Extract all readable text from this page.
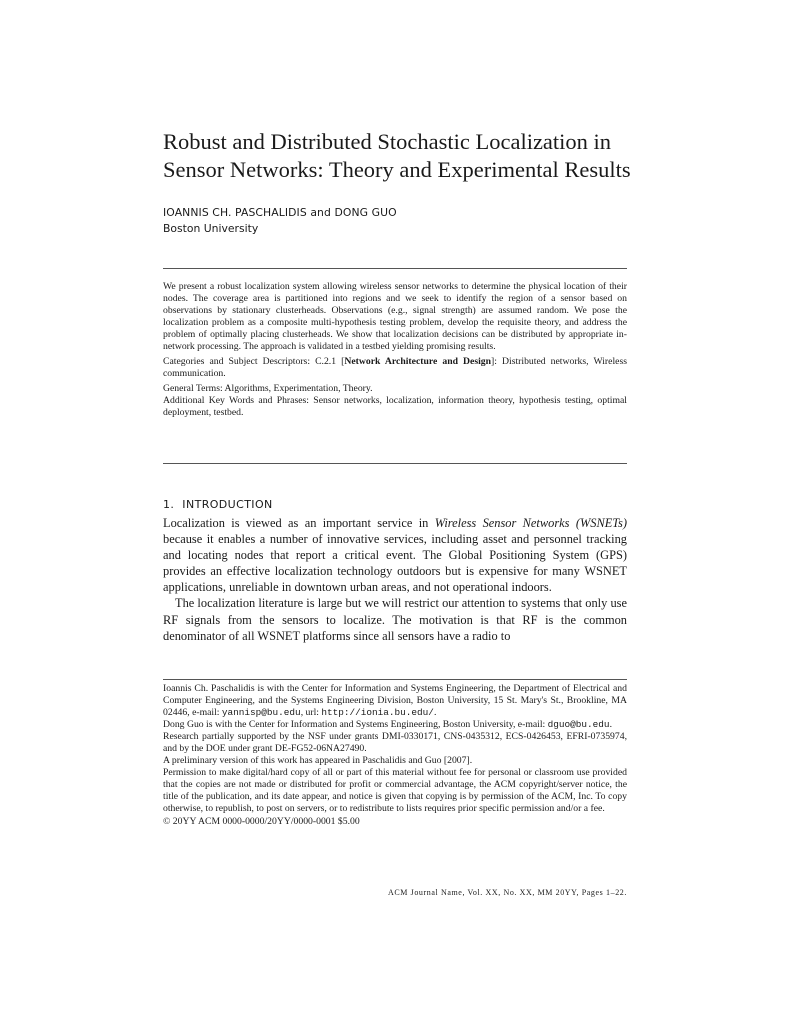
Robust and Distributed Stochastic Localization in
Sensor Networks: Theory and Experimental Results
IOANNIS CH. PASCHALIDIS and DONG GUO
Boston University

We present a robust localization system allowing wireless sensor networks to determine the physical location of their nodes. The coverage area is partitioned into regions and we seek to identify the region of a sensor based on observations by stationary clusterheads. Observations (e.g., signal strength) are assumed random. We pose the localization problem as a composite multi-hypothesis testing problem, develop the requisite theory, and address the problem of optimally placing clusterheads. We show that localization decisions can be distributed by appropriate in-network processing. The approach is validated in a testbed yielding promising results.

Categories and Subject Descriptors: C.2.1 [Network Architecture and Design]: Distributed networks, Wireless communication.

General Terms: Algorithms, Experimentation, Theory.

Additional Key Words and Phrases: Sensor networks, localization, information theory, hypothesis testing, optimal deployment, testbed.

1. INTRODUCTION

Localization is viewed as an important service in Wireless Sensor Networks (WSNETs) because it enables a number of innovative services, including asset and personnel tracking and locating nodes that report a critical event. The Global Positioning System (GPS) provides an effective localization technology outdoors but is expensive for many WSNET applications, unreliable in downtown urban areas, and not operational indoors.

The localization literature is large but we will restrict our attention to systems that only use RF signals from the sensors to localize. The motivation is that RF is the common denominator of all WSNET platforms since all sensors have a radio to

Ioannis Ch. Paschalidis is with the Center for Information and Systems Engineering, the Department of Electrical and Computer Engineering, and the Systems Engineering Division, Boston University, 15 St. Mary's St., Brookline, MA 02446, e-mail: yannisp@bu.edu, url: http://ionia.bu.edu/.

Dong Guo is with the Center for Information and Systems Engineering, Boston University, e-mail: dguo@bu.edu.

Research partially supported by the NSF under grants DMI-0330171, CNS-0435312, ECS-0426453, EFRI-0735974, and by the DOE under grant DE-FG52-06NA27490.

A preliminary version of this work has appeared in Paschalidis and Guo [2007].

Permission to make digital/hard copy of all or part of this material without fee for personal or classroom use provided that the copies are not made or distributed for profit or commercial advantage, the ACM copyright/server notice, the title of the publication, and its date appear, and notice is given that copying is by permission of the ACM, Inc. To copy otherwise, to republish, to post on servers, or to redistribute to lists requires prior specific permission and/or a fee.

© 20YY ACM 0000-0000/20YY/0000-0001 $5.00

ACM Journal Name, Vol. XX, No. XX, MM 20YY, Pages 1–22.
